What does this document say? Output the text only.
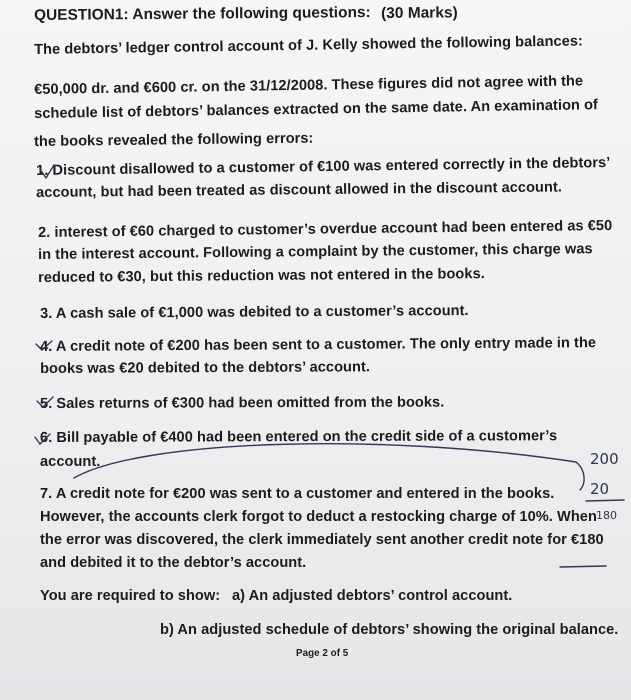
QUESTION1: Answer the following questions: (30 Marks)
The debtors’ ledger control account of J. Kelly showed the following balances:
€50,000 dr. and €600 cr. on the 31/12/2008. These figures did not agree with the
schedule list of debtors’ balances extracted on the same date. An examination of
the books revealed the following errors:
1. Discount disallowed to a customer of €100 was entered correctly in the debtors’
account, but had been treated as discount allowed in the discount account.
2. interest of €60 charged to customer’s overdue account had been entered as €50
in the interest account. Following a complaint by the customer, this charge was
reduced to €30, but this reduction was not entered in the books.
3. A cash sale of €1,000 was debited to a customer’s account.
4. A credit note of €200 has been sent to a customer. The only entry made in the
books was €20 debited to the debtors’ account.
5. Sales returns of €300 had been omitted from the books.
6. Bill payable of €400 had been entered on the credit side of a customer’s
account.
7. A credit note for €200 was sent to a customer and entered in the books.
However, the accounts clerk forgot to deduct a restocking charge of 10%. When
the error was discovered, the clerk immediately sent another credit note for €180
and debited it to the debtor’s account.
You are required to show: a) An adjusted debtors’ control account.
b) An adjusted schedule of debtors’ showing the original balance.
Page 2 of 5
200
20
180
